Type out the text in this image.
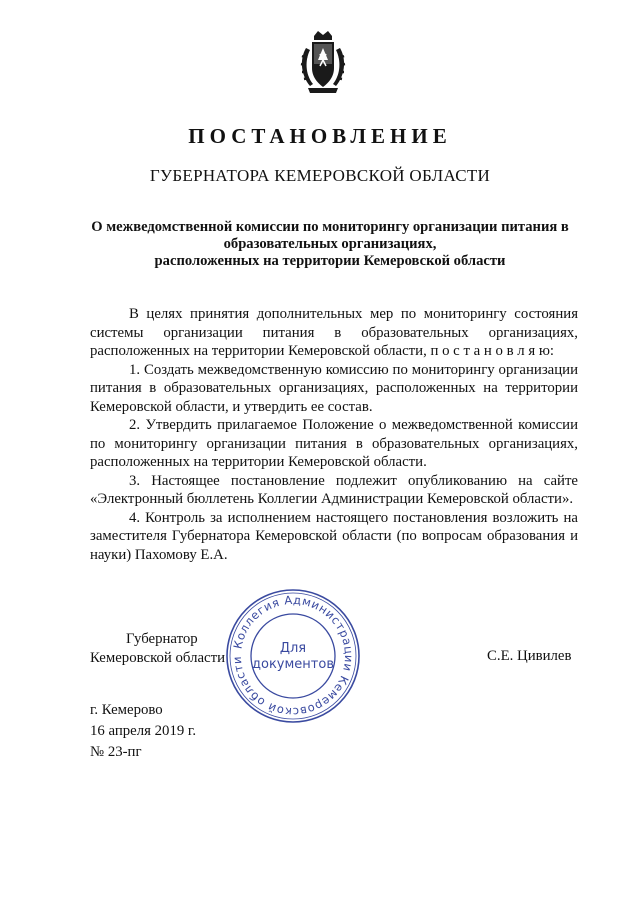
ПОСТАНОВЛЕНИЕ
ГУБЕРНАТОРА КЕМЕРОВСКОЙ ОБЛАСТИ
О межведомственной комиссии по мониторингу организации питания в
образовательных организациях,
расположенных на территории Кемеровской области

В целях принятия дополнительных мер по мониторингу состояния системы организации питания в образовательных организациях, расположенных на территории Кемеровской области, п о с т а н о в л я ю:

1. Создать межведомственную комиссию по мониторингу организации питания в образовательных организациях, расположенных на территории Кемеровской области, и утвердить ее состав.

2. Утвердить прилагаемое Положение о межведомственной комиссии по мониторингу организации питания в образовательных организациях, расположенных на территории Кемеровской области.

3. Настоящее постановление подлежит опубликованию на сайте «Электронный бюллетень Коллегии Администрации Кемеровской области».

4. Контроль за исполнением настоящего постановления возложить на заместителя Губернатора Кемеровской области (по вопросам образования и науки) Пахомову Е.А.

Губернатор
Кемеровской области
Коллегия Администрации Кемеровской области
Для
документов
С.Е. Цивилев
г. Кемерово
16 апреля 2019 г.
№ 23-пг
